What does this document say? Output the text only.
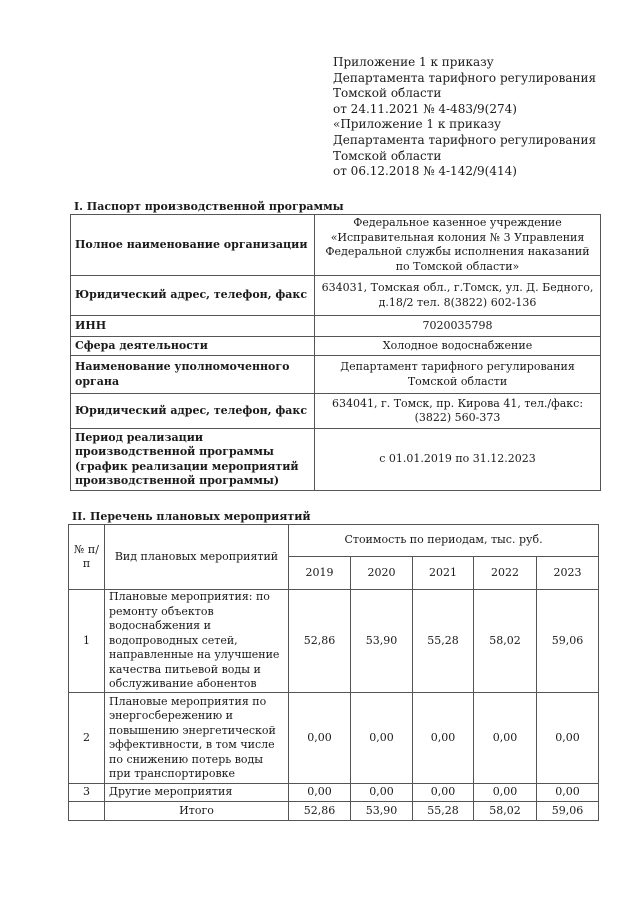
Приложение 1 к приказу
Департамента тарифного регулирования
Томской области
от 24.11.2021 № 4-483/9(274)
«Приложение 1 к приказу
Департамента тарифного регулирования
Томской области
от 06.12.2018 № 4-142/9(414)
I. Паспорт производственной программы
Полное наименование организации	Федеральное казенное учреждение «Исправительная колония № 3 Управления Федеральной службы исполнения наказаний по Томской области»
Юридический адрес, телефон, факс	634031, Томская обл., г.Томск, ул. Д. Бедного, д.18/2 тел. 8(3822) 602-136
ИНН	7020035798
Сфера деятельности	Холодное водоснабжение
Наименование уполномоченного органа	Департамент тарифного регулирования Томской области
Юридический адрес, телефон, факс	634041, г. Томск, пр. Кирова 41, тел./факс: (3822) 560-373
Период реализации производственной программы (график реализации мероприятий производственной программы)	с 01.01.2019 по 31.12.2023
II. Перечень плановых мероприятий
№ п/п	Вид плановых мероприятий	Стоимость по периодам, тыс. руб.				
		2019	2020	2021	2022	2023
1	Плановые мероприятия: по ремонту объектов водоснабжения и водопроводных сетей, направленные на улучшение качества питьевой воды и обслуживание абонентов	52,86	53,90	55,28	58,02	59,06
2	Плановые мероприятия по энергосбережению и повышению энергетической эффективности, в том числе по снижению потерь воды при транспортировке	0,00	0,00	0,00	0,00	0,00
3	Другие мероприятия	0,00	0,00	0,00	0,00	0,00
	Итого	52,86	53,90	55,28	58,02	59,06
